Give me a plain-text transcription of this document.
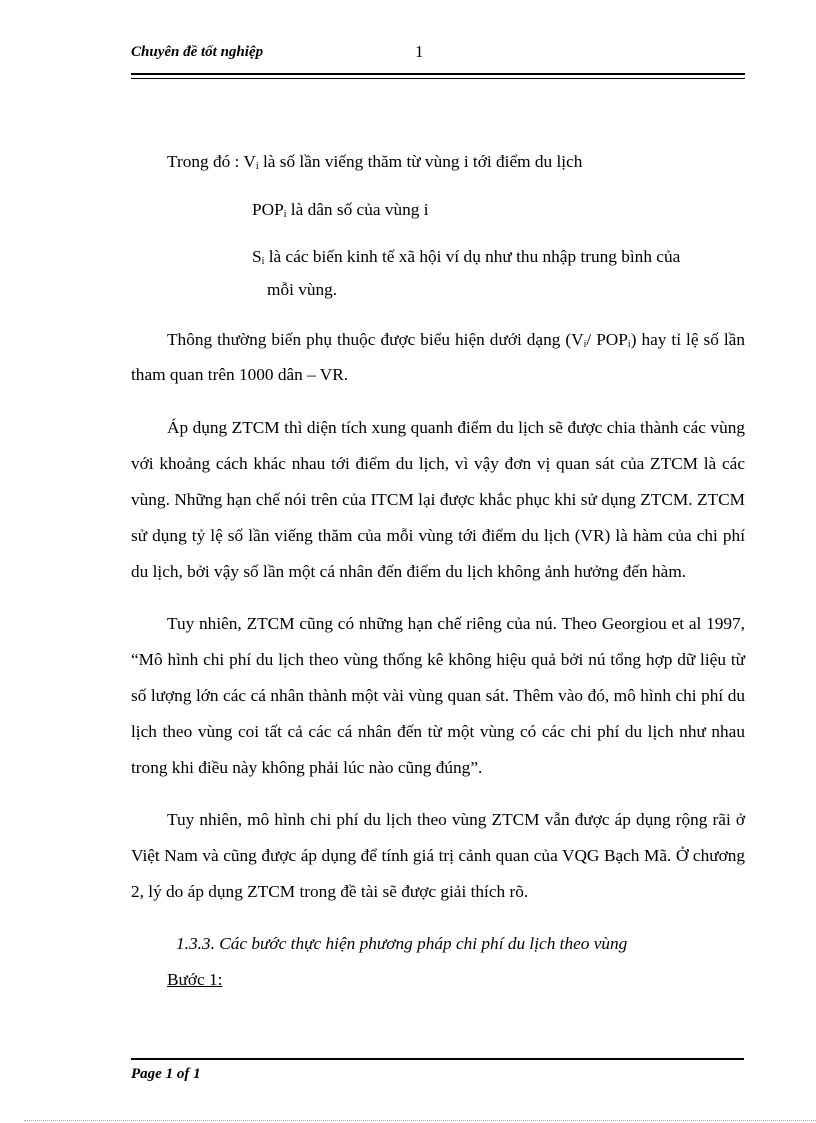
Chuyên đề tốt nghiệp	1

Trong đó : $V_i$ là số lần viếng thăm từ vùng i tới điểm du lịch

$POP_i$ là dân số của vùng i

$S_i$ là các biến kinh tế xã hội ví dụ như thu nhập trung bình của

mỗi vùng.

Thông thường biến phụ thuộc được biểu hiện dưới dạng ($V_i/$ $POP_i$) hay tỉ lệ số lần tham quan trên 1000 dân – VR.

Áp dụng ZTCM thì diện tích xung quanh điểm du lịch sẽ được chia thành các vùng với khoảng cách khác nhau tới điểm du lịch, vì vậy đơn vị quan sát của ZTCM là các vùng. Những hạn chế nói trên của ITCM lại được khắc phục khi sử dụng ZTCM. ZTCM sử dụng tỷ lệ số lần viếng thăm của mỗi vùng tới điểm du lịch (VR) là hàm của chi phí du lịch, bởi vậy số lần một cá nhân đến điểm du lịch không ảnh hưởng đến hàm.

Tuy nhiên, ZTCM cũng có những hạn chế riêng của nú. Theo Georgiou et al 1997, “Mô hình chi phí du lịch theo vùng thống kê không hiệu quả bởi nú tổng hợp dữ liệu từ số lượng lớn các cá nhân thành một vài vùng quan sát. Thêm vào đó, mô hình chi phí du lịch theo vùng coi tất cả các cá nhân đến từ một vùng có các chi phí du lịch như nhau trong khi điều này không phải lúc nào cũng đúng”.

Tuy nhiên, mô hình chi phí du lịch theo vùng ZTCM vẫn được áp dụng rộng rãi ở Việt Nam và cũng được áp dụng để tính giá trị cảnh quan của VQG Bạch Mã. Ở chương 2, lý do áp dụng ZTCM trong đề tài sẽ được giải thích rõ.

1.3.3. Các bước thực hiện phương pháp chi phí du lịch theo vùng

Bước 1:

Page 1 of 1
